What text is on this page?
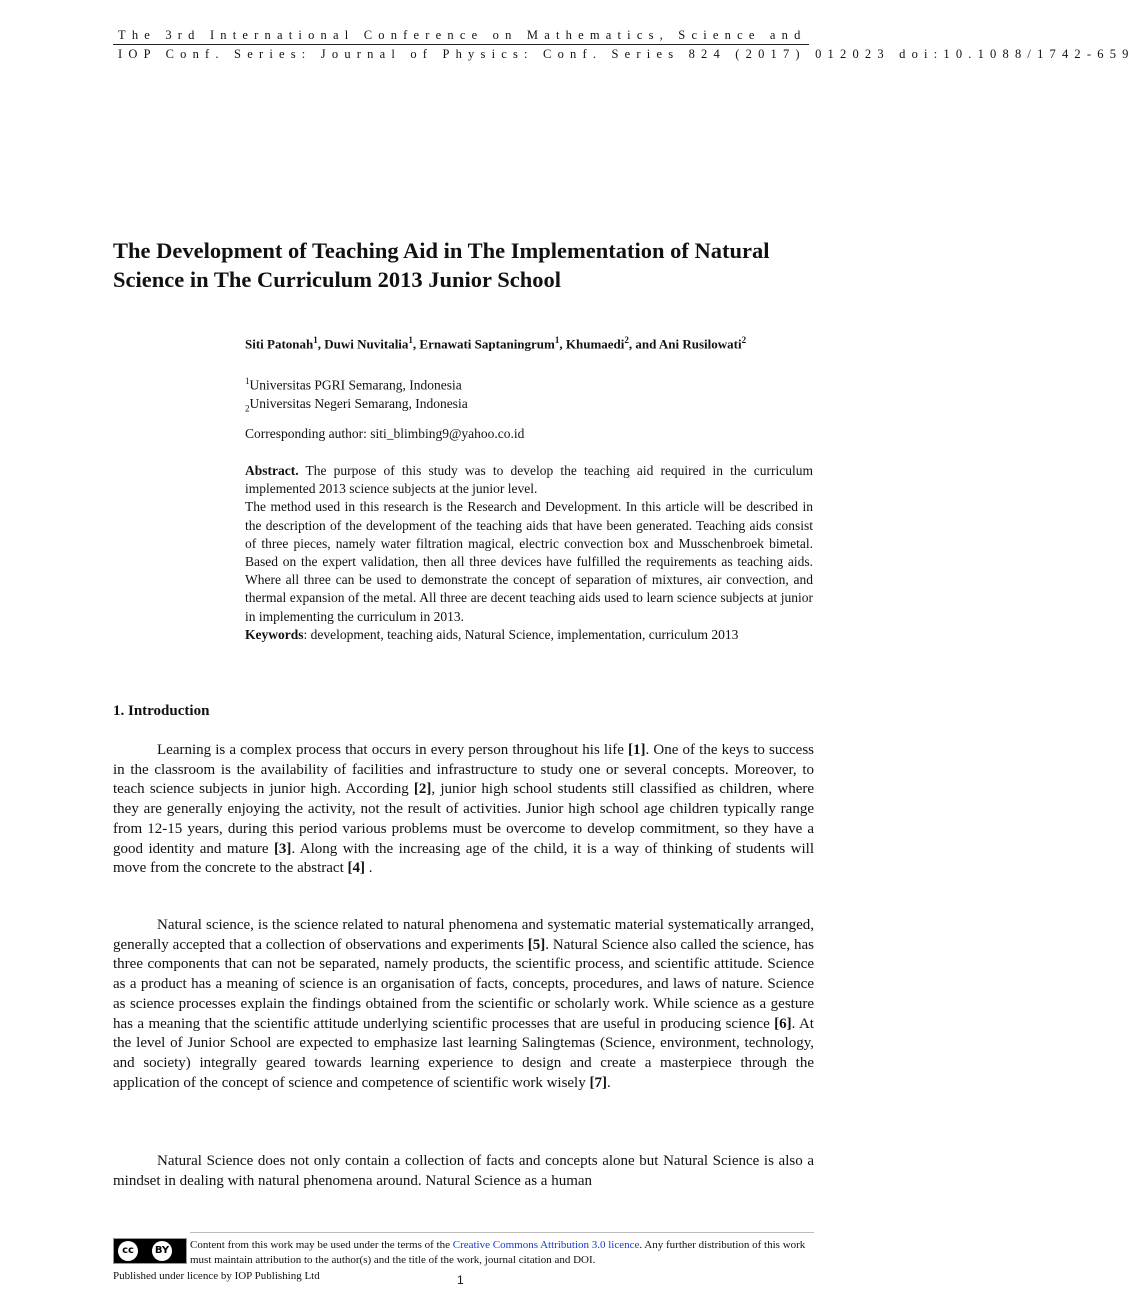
The 3rd International Conference on Mathematics, Science and
IOP Conf. Series: Journal of Physics: Conf. Series 824 (2017) 012023 doi:10.1088/1742-659
The Development of Teaching Aid in The Implementation of Natural Science in The Curriculum 2013 Junior School
Siti Patonah$^1$, Duwi Nuvitalia$^1$, Ernawati Saptaningrum$^1$, Khumaedi$^2$, and Ani Rusilowati$^2$
$^1$Universitas PGRI Semarang, Indonesia
$_2$Universitas Negeri Semarang, Indonesia
Corresponding author: siti_blimbing9@yahoo.co.id

Abstract. The purpose of this study was to develop the teaching aid required in the curriculum implemented 2013 science subjects at the junior level.

The method used in this research is the Research and Development. In this article will be described in the description of the development of the teaching aids that have been generated. Teaching aids consist of three pieces, namely water filtration magical, electric convection box and Musschenbroek bimetal. Based on the expert validation, then all three devices have fulfilled the requirements as teaching aids. Where all three can be used to demonstrate the concept of separation of mixtures, air convection, and thermal expansion of the metal. All three are decent teaching aids used to learn science subjects at junior in implementing the curriculum in 2013.

Keywords: development, teaching aids, Natural Science, implementation, curriculum 2013

1. Introduction

Learning is a complex process that occurs in every person throughout his life [1]. One of the keys to success in the classroom is the availability of facilities and infrastructure to study one or several concepts. Moreover, to teach science subjects in junior high. According [2], junior high school students still classified as children, where they are generally enjoying the activity, not the result of activities. Junior high school age children typically range from 12-15 years, during this period various problems must be overcome to develop commitment, so they have a good identity and mature [3]. Along with the increasing age of the child, it is a way of thinking of students will move from the concrete to the abstract [4] .

Natural science, is the science related to natural phenomena and systematic material systematically arranged, generally accepted that a collection of observations and experiments [5]. Natural Science also called the science, has three components that can not be separated, namely products, the scientific process, and scientific attitude. Science as a product has a meaning of science is an organisation of facts, concepts, procedures, and laws of nature. Science as science processes explain the findings obtained from the scientific or scholarly work. While science as a gesture has a meaning that the scientific attitude underlying scientific processes that are useful in producing science [6]. At the level of Junior School are expected to emphasize last learning Salingtemas (Science, environment, technology, and society) integrally geared towards learning experience to design and create a masterpiece through the application of the concept of science and competence of scientific work wisely [7].

Natural Science does not only contain a collection of facts and concepts alone but Natural Science is also a mindset in dealing with natural phenomena around. Natural Science as a human

cc	BY Content from this work may be used under the terms of the Creative Commons Attribution 3.0 licence. Any further distribution of this work must maintain attribution to the author(s) and the title of the work, journal citation and DOI.
Published under licence by IOP Publishing Ltd	1
